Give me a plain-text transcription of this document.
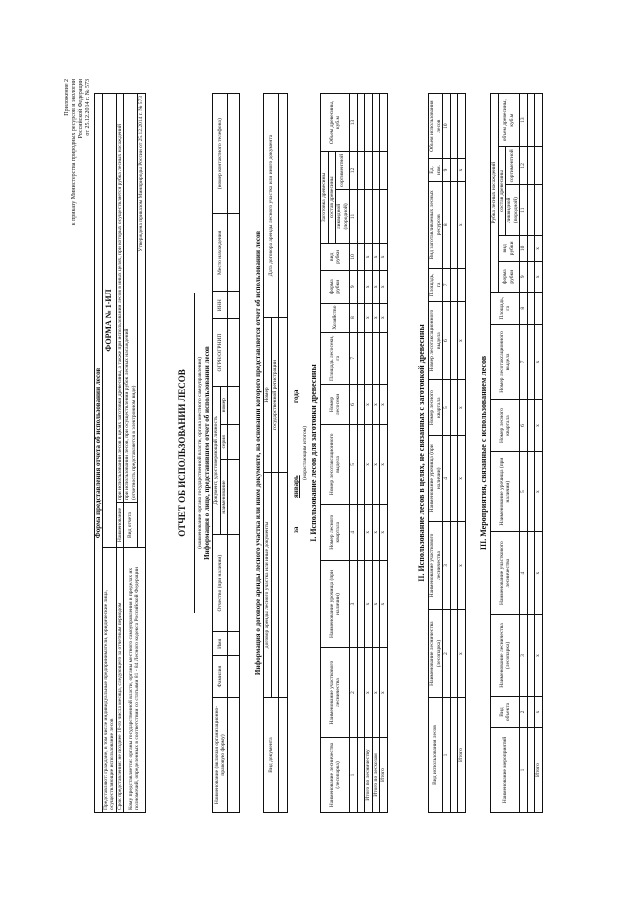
Приложение 2 к приказу Министерства природных ресурсов и экологии Российской Федерации от 25.12.2014 г. № 573
Форма представления отчета об использовании лесов		
Представляют: граждане, в том числе индивидуальные предприниматели, юридические лица, осуществляющие использование лесов	ФОРМА № 1-ИЛ	
Срок представления: не позднее 10-го числа месяца, следующего за отчетным периодом	Наименование	при использовании лесов в целях заготовки древесины, а также при использовании лесов в иных целях, при которых осуществляется рубка лесных насаждений
Кому представляется: органы государственной власти, органы местного самоуправления в пределах их полномочий, определенных в соответствии со статьями 81 - 84 Лесного кодекса Российской Федерации	Вид отчета	при использовании лесов, при осуществлении рубок лесных насаждений
(отчетность представляется в электронном виде)
	Утверждена приказом Минприроды России от 25.12.2014 г. № 573	
ОТЧЕТ ОБ ИСПОЛЬЗОВАНИИ ЛЕСОВ (наименование органа государственной власти, органа местного самоуправления) Информация о лице, представившем отчет об использовании лесов
Наименование (включая организационно-правовую форму)	Фамилия	Имя	Отчество (при наличии)	Документ, удостоверяющий личность			ОГРН/ОГРНИП	ИНН	Место нахождения	(номер контактного телефона)
				наименование	серия	номер				
											Информация о договоре аренды лесного участка или ином документе, на основании которого представляется отчет об использовании лесов
Вид документа	договор аренды лесного участка или иные документы	Номер	Дата договора аренды лесного участка или иного документа
		государственной регистрации	

за
январь
года
(нарастающим итогом) I. Использование лесов для заготовки древесины
Наименование лесничества (лесопарка)	Наименование участкового лесничества	Наименование урочища (при наличии)	Номер лесного квартала	Номер лесотаксационного выдела	Номер лесосеки	Площадь лесосеки, га	Хозяйство	форма рубки	вид рубки	Заготовка древесины		Объем древесины, куб.м
										состав древесины		
										ликвидной (породной)	сортиментной	
1	2	3	4	5	6	7	8	9	10	11	12	13

Итого по лесничеству	x	x	x	x	x		x	x	x			
Итого по лесхозам	x	x	x	x	x		x	x	x			
Итого	x	x	x	x	x		x	x	x			
II. Использование лесов в целях, не связанных с заготовкой древесины
Вид использования лесов	Наименование лесничества (лесопарка)	Наименование участкового лесничества	Наименование урочища (при наличии)	Номер лесного квартала	Номер лесотаксационного выдела	Площадь, га	Вид заготавливаемых лесных ресурсов	Ед. изм.	Объем использования лесов
1	2	3	4	5	6	7	8	9	10

Итого	x	x	x	x	x		x	x	
III. Мероприятия, связанные с использованием лесов
Наименование мероприятий	Вид объекта	Наименование лесничества (лесопарка)	Наименование участкового лесничества	Наименование урочища (при наличии)	Номер лесного квартала	Номер лесотаксационного выдела	Площадь, га	Рубка лесных насаждений				
								форма рубки	вид рубки	состав древесины		объем древесины, куб.м
										ликвидной (породной)	сортиментной	
1	2	3	4	5	6	7	8	9	10	11	12	13

Итого	x	x	x	x	x	x		x	x			
